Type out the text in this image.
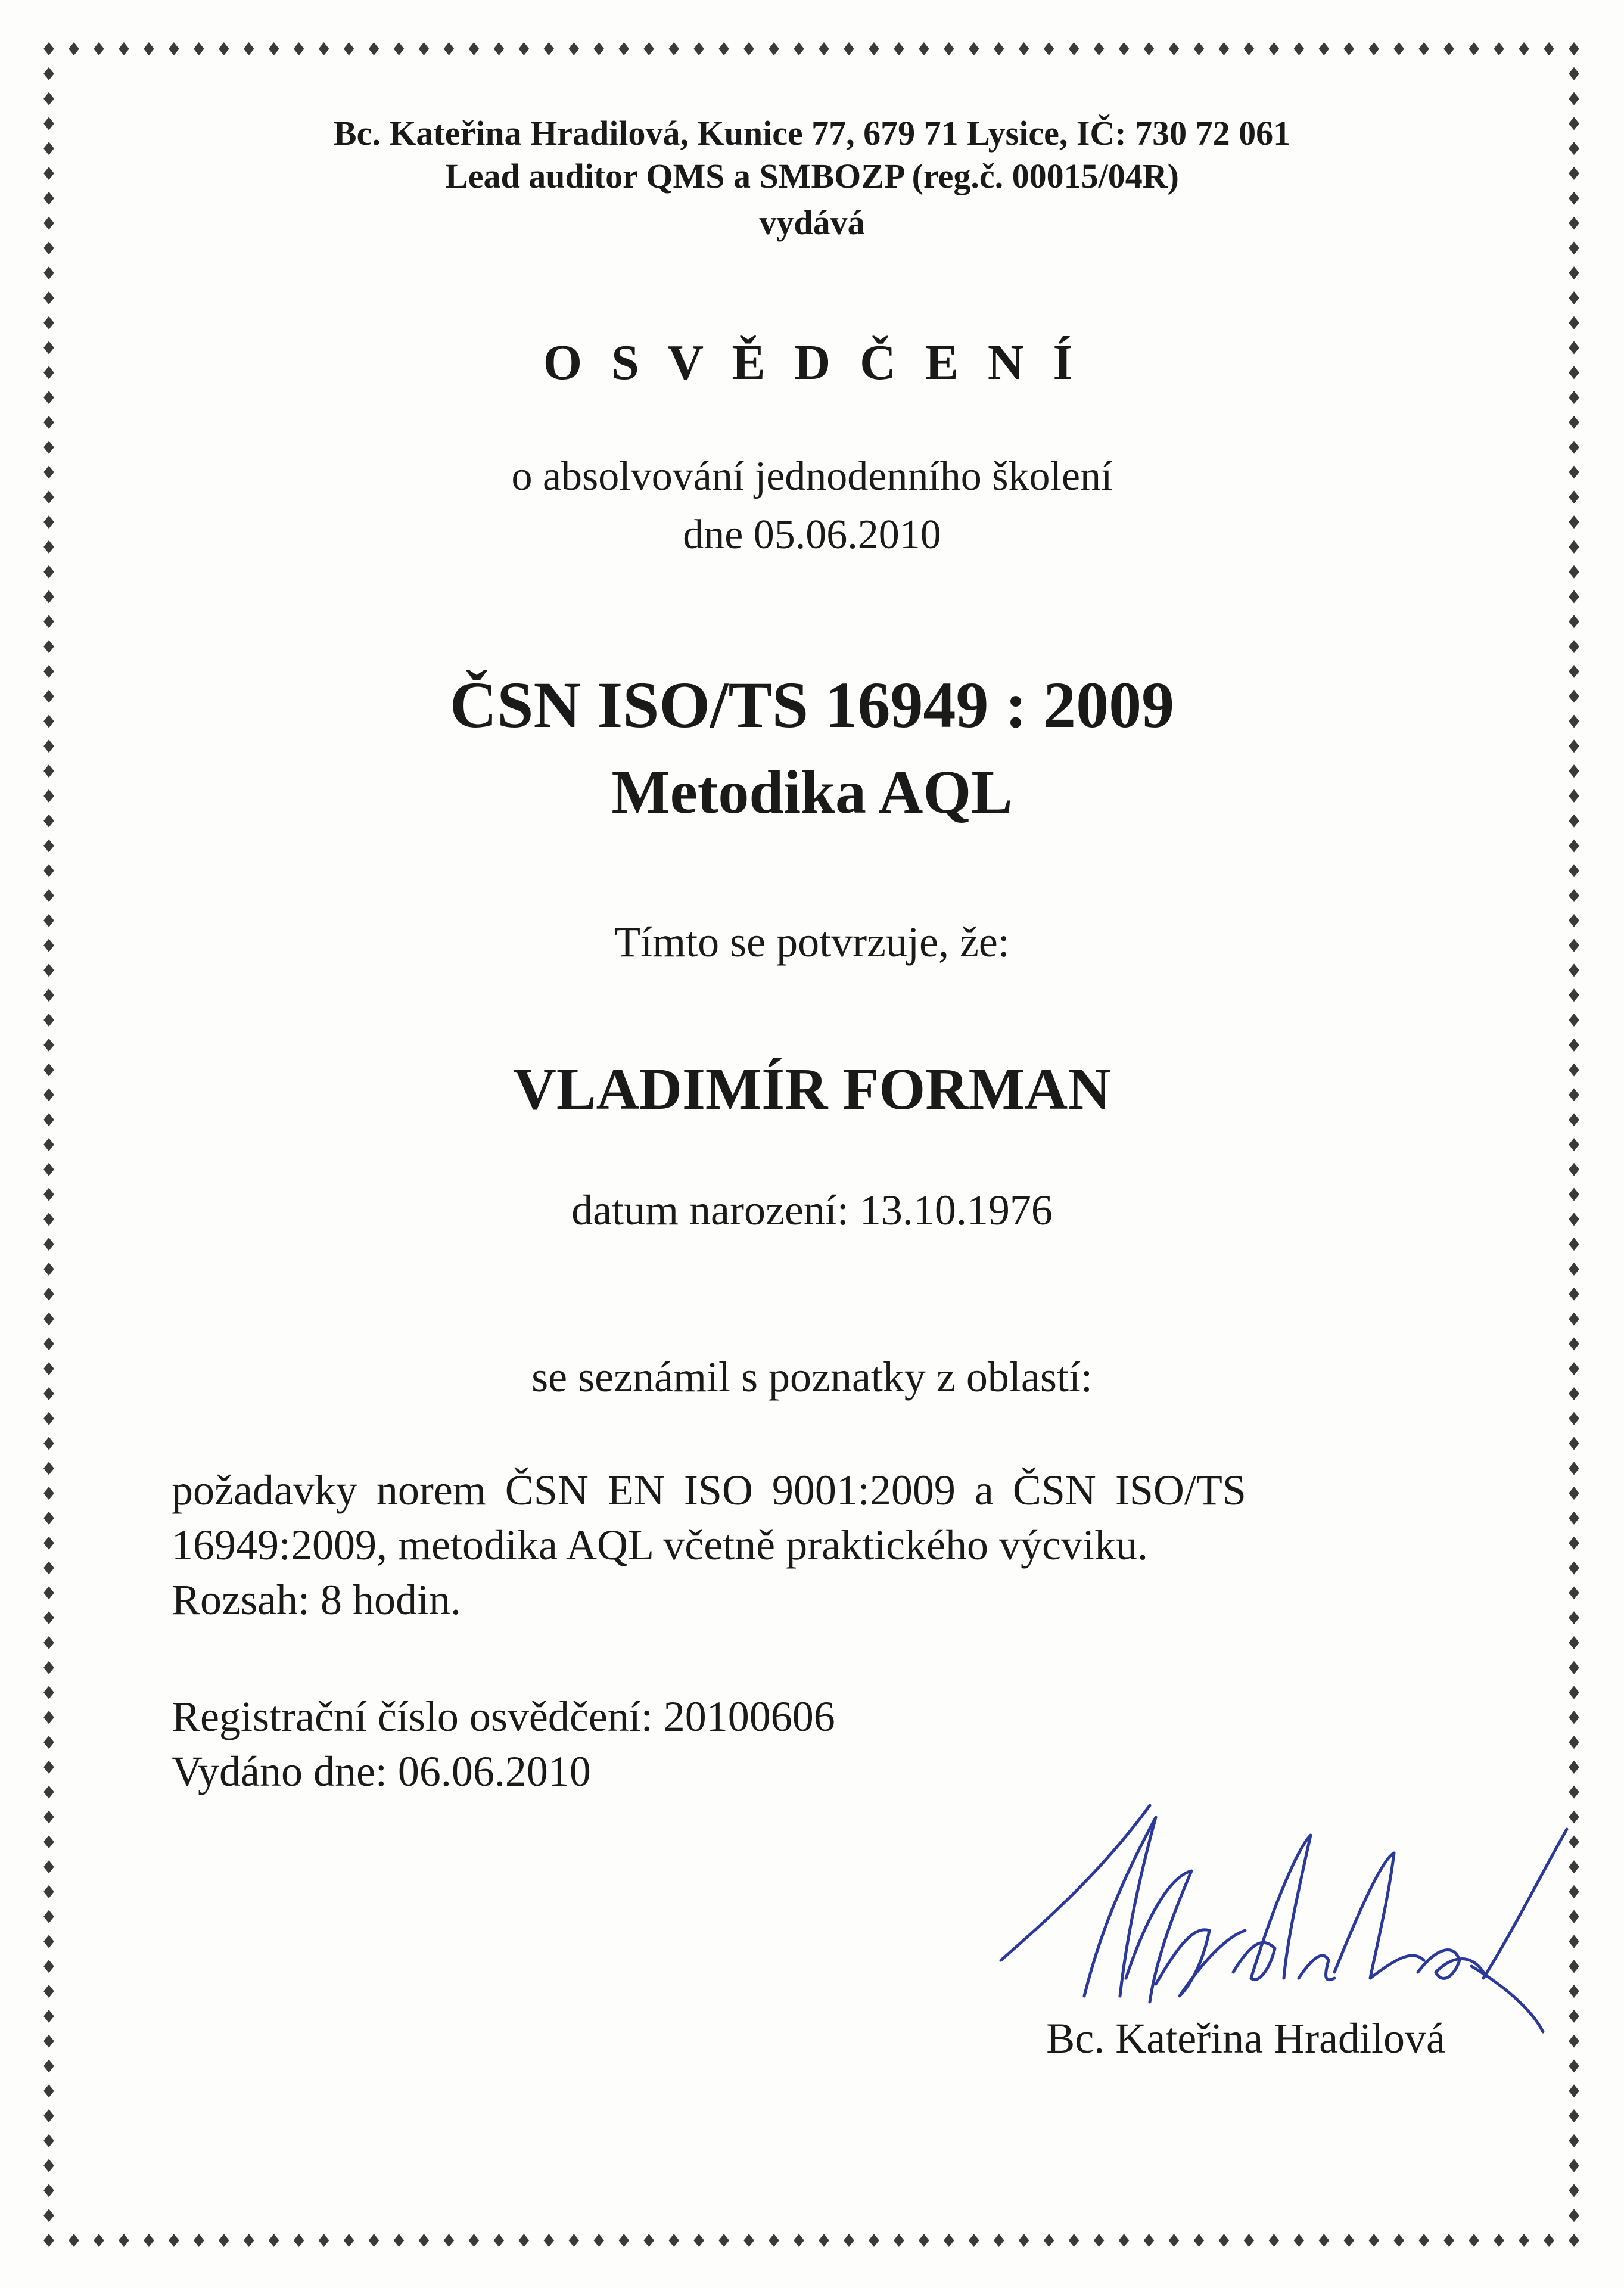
Bc. Kateřina Hradilová, Kunice 77, 679 71 Lysice, IČ: 730 72 061
Lead auditor QMS a SMBOZP (reg.č. 00015/04R)
vydává
O S V Ě D Č E N Í
o absolvování jednodenního školení
dne 05.06.2010
ČSN ISO/TS 16949 : 2009
Metodika AQL
Tímto se potvrzuje, že:
VLADIMÍR FORMAN
datum narození: 13.10.1976
se seznámil s poznatky z oblastí:
požadavky norem ČSN EN ISO 9001:2009 a ČSN ISO/TS
16949:2009, metodika AQL včetně praktického výcviku.
Rozsah: 8 hodin.
Registrační číslo osvědčení: 20100606
Vydáno dne: 06.06.2010
Bc. Kateřina Hradilová
